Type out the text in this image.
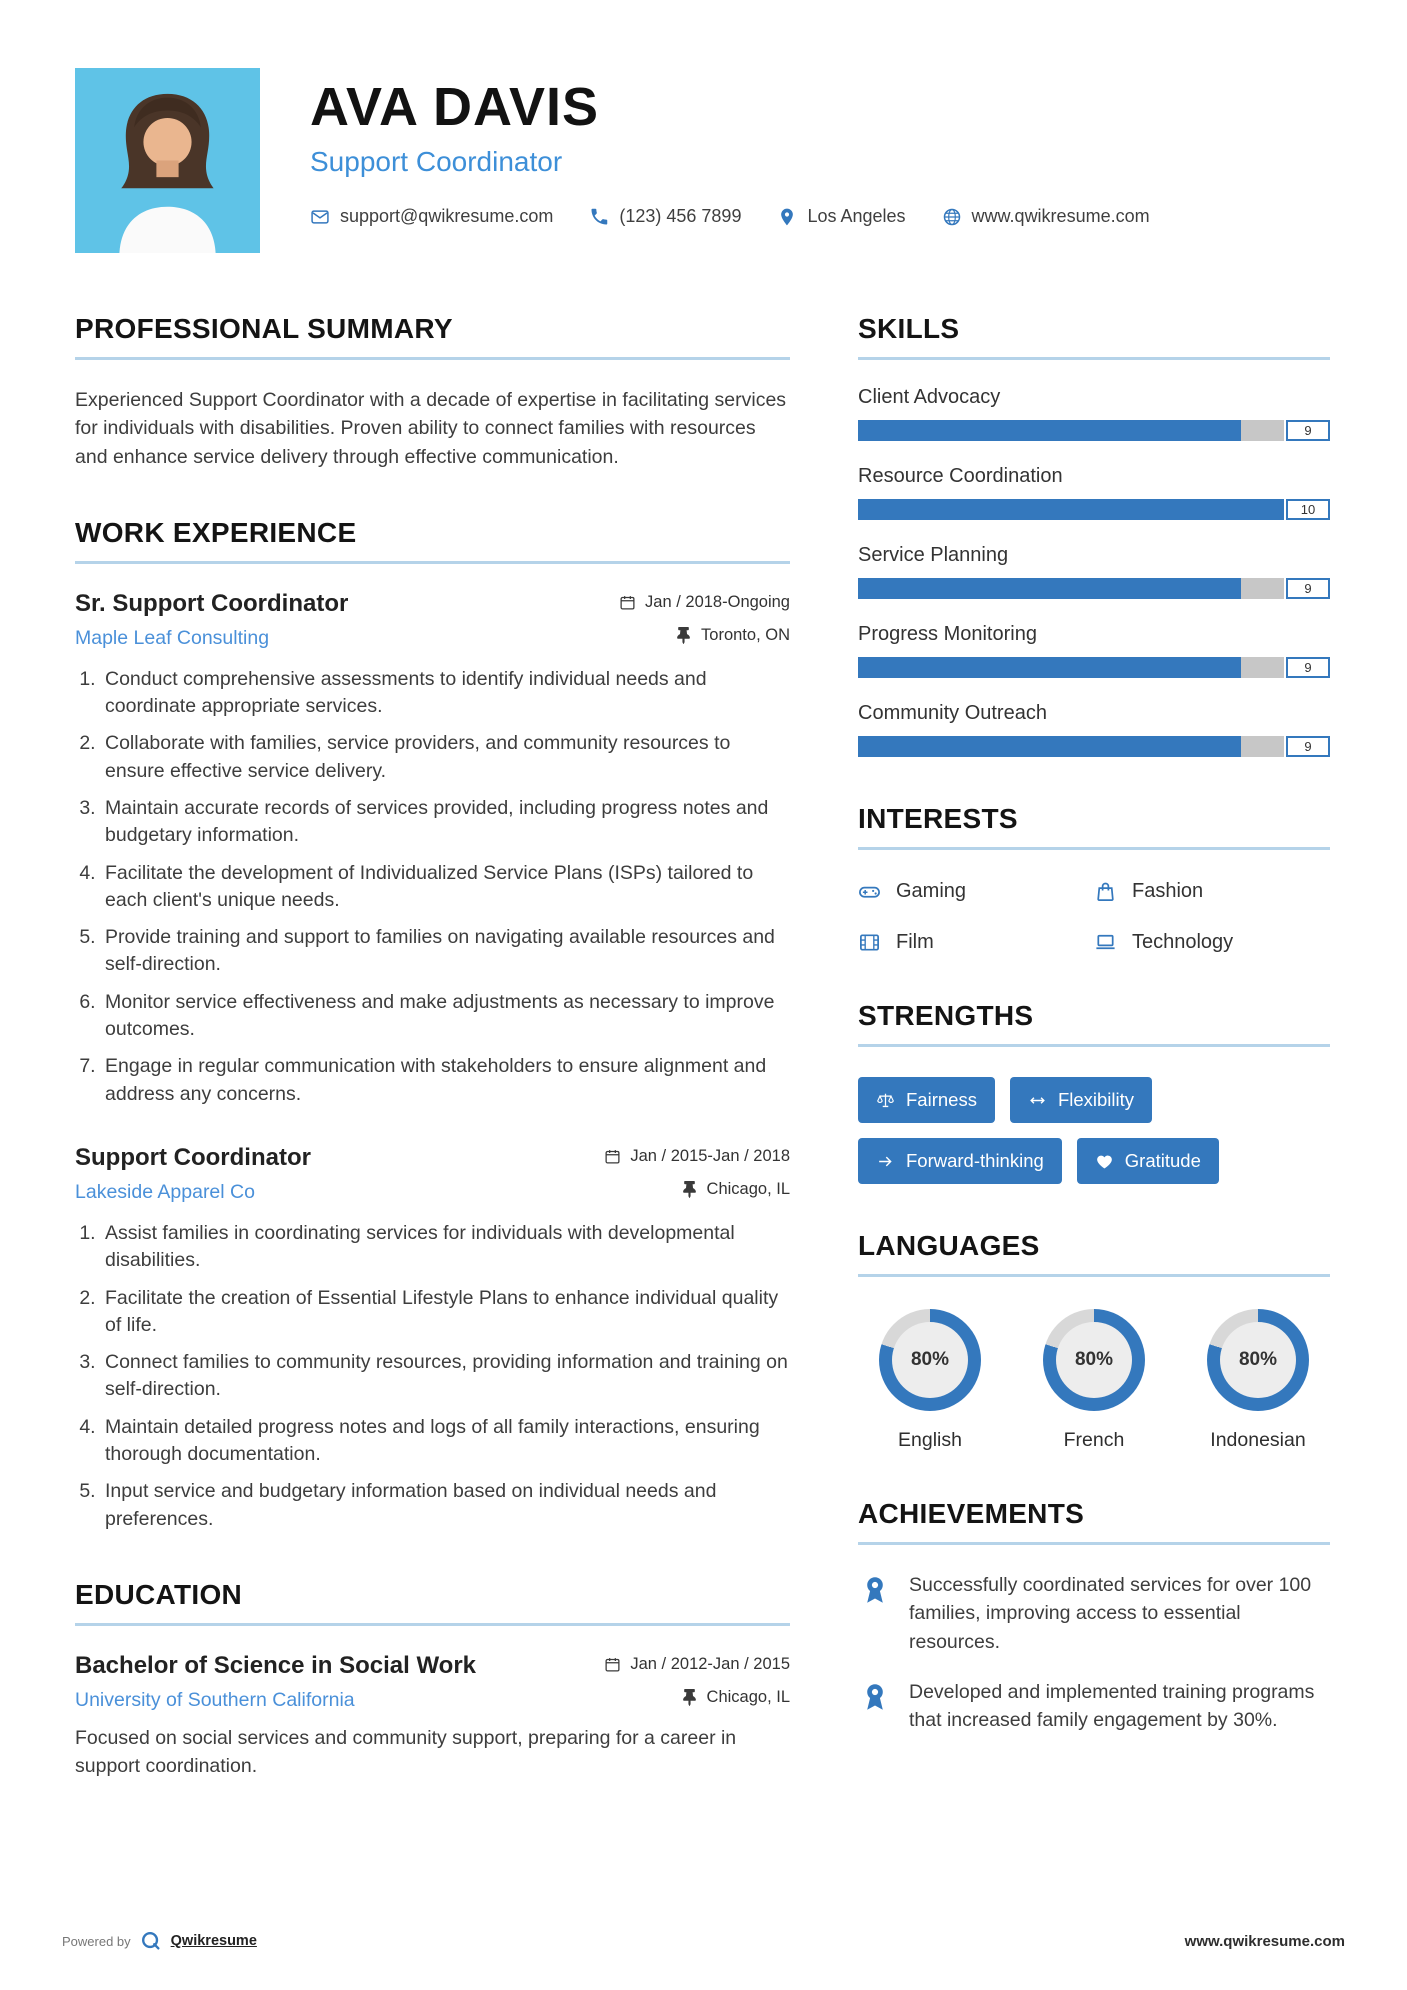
AVA DAVIS
Support Coordinator
support@qwikresume.com	(123) 456 7899	Los Angeles	www.qwikresume.com
PROFESSIONAL SUMMARY

Experienced Support Coordinator with a decade of expertise in facilitating services for individuals with disabilities. Proven ability to connect families with resources and enhance service delivery through effective communication.

WORK EXPERIENCE
Sr. Support Coordinator	Jan / 2018-Ongoing
Maple Leaf Consulting	Toronto, ON
1. Conduct comprehensive assessments to identify individual needs and coordinate appropriate services.
2. Collaborate with families, service providers, and community resources to ensure effective service delivery.
3. Maintain accurate records of services provided, including progress notes and budgetary information.
4. Facilitate the development of Individualized Service Plans (ISPs) tailored to each client's unique needs.
5. Provide training and support to families on navigating available resources and self-direction.
6. Monitor service effectiveness and make adjustments as necessary to improve outcomes.
7. Engage in regular communication with stakeholders to ensure alignment and address any concerns.
Support Coordinator	Jan / 2015-Jan / 2018
Lakeside Apparel Co	Chicago, IL
1. Assist families in coordinating services for individuals with developmental disabilities.
2. Facilitate the creation of Essential Lifestyle Plans to enhance individual quality of life.
3. Connect families to community resources, providing information and training on self-direction.
4. Maintain detailed progress notes and logs of all family interactions, ensuring thorough documentation.
5. Input service and budgetary information based on individual needs and preferences.
EDUCATION
Bachelor of Science in Social Work	Jan / 2012-Jan / 2015
University of Southern California	Chicago, IL

Focused on social services and community support, preparing for a career in support coordination.

SKILLS
Client Advocacy
9
Resource Coordination
10
Service Planning
9
Progress Monitoring
9
Community Outreach
9
INTERESTS
Gaming	Fashion
Film	Technology
STRENGTHS
Fairness	Flexibility
Forward-thinking	Gratitude
LANGUAGES
80%
English
80%
French
80%
Indonesian
ACHIEVEMENTS

Successfully coordinated services for over 100 families, improving access to essential resources.

Developed and implemented training programs that increased family engagement by 30%.

Powered by	Qwikresume	www.qwikresume.com
